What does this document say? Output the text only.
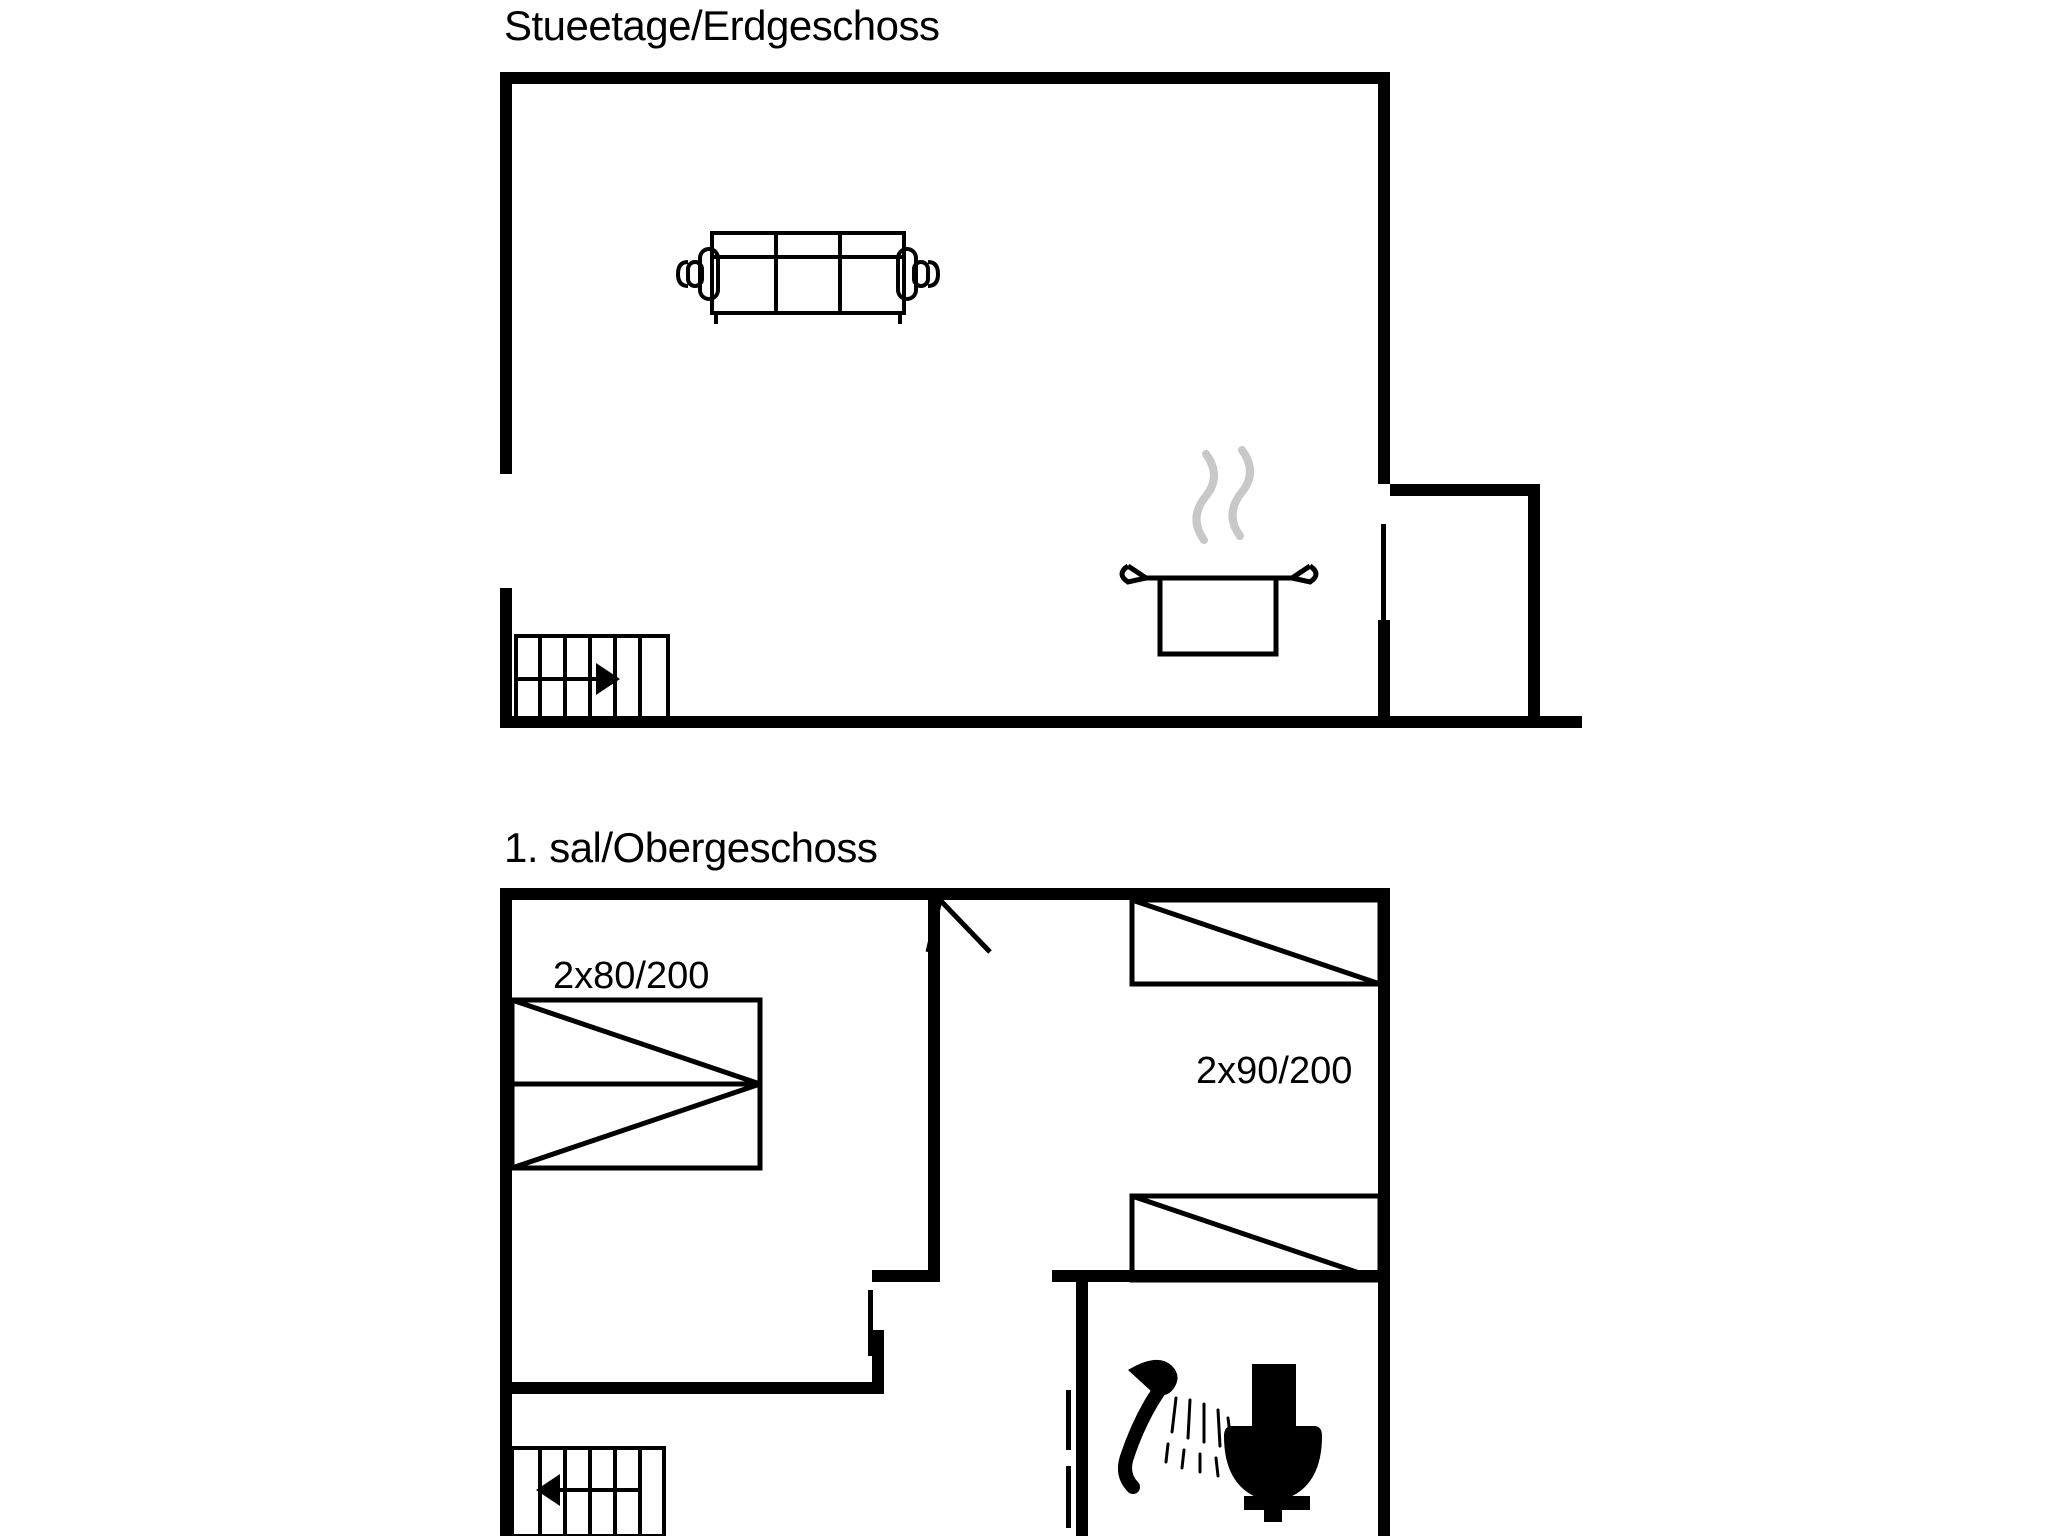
Stueetage/Erdgeschoss
1. sal/Obergeschoss
2x80/200
2x90/200
